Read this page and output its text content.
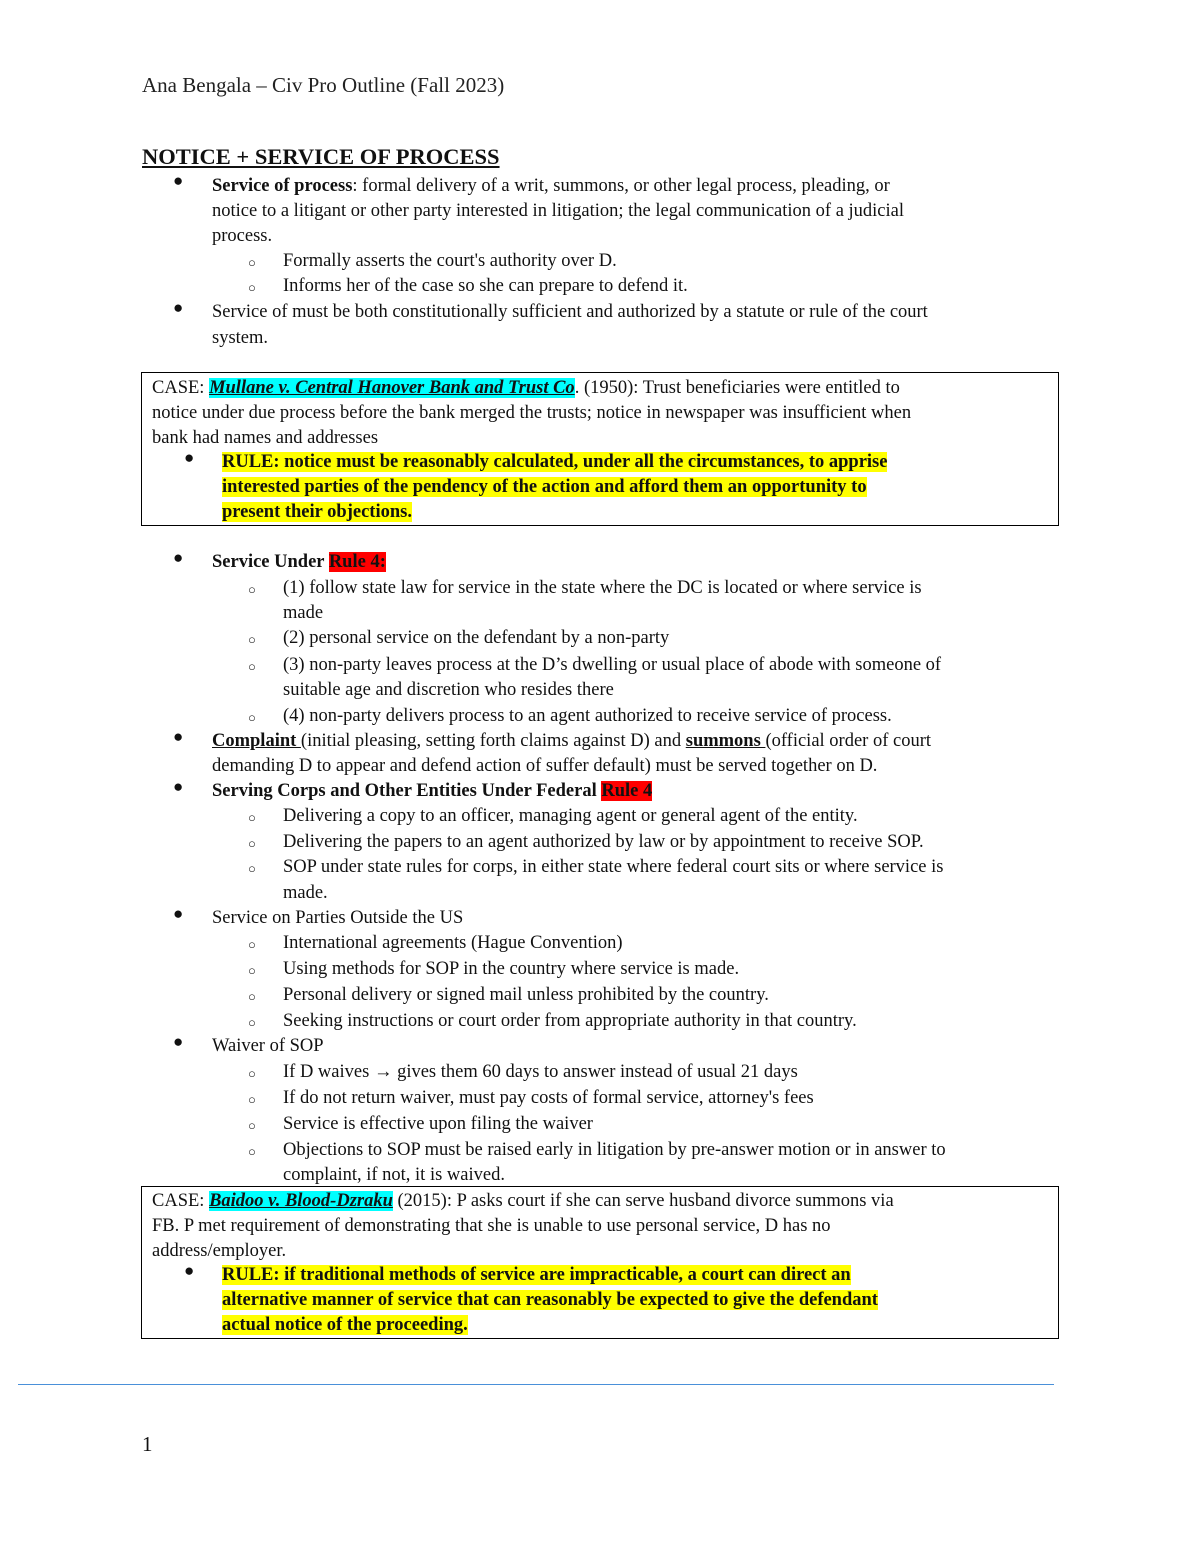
Ana Bengala – Civ Pro Outline (Fall 2023)
NOTICE + SERVICE OF PROCESS
● Service of process: formal delivery of a writ, summons, or other legal process, pleading, or
notice to a litigant or other party interested in litigation; the legal communication of a judicial
process.
○ Formally asserts the court's authority over D.
○ Informs her of the case so she can prepare to defend it.
● Service of must be both constitutionally sufficient and authorized by a statute or rule of the court
system.
CASE: Mullane v. Central Hanover Bank and Trust Co. (1950): Trust beneficiaries were entitled to
notice under due process before the bank merged the trusts; notice in newspaper was insufficient when
bank had names and addresses
● RULE: notice must be reasonably calculated, under all the circumstances, to apprise
interested parties of the pendency of the action and afford them an opportunity to
present their objections.
● Service Under Rule 4:
○ (1) follow state law for service in the state where the DC is located or where service is
made
○ (2) personal service on the defendant by a non-party
○ (3) non-party leaves process at the D’s dwelling or usual place of abode with someone of
suitable age and discretion who resides there
○ (4) non-party delivers process to an agent authorized to receive service of process.
● Complaint (initial pleasing, setting forth claims against D) and summons (official order of court
demanding D to appear and defend action of suffer default) must be served together on D.
● Serving Corps and Other Entities Under Federal Rule 4
○ Delivering a copy to an officer, managing agent or general agent of the entity.
○ Delivering the papers to an agent authorized by law or by appointment to receive SOP.
○ SOP under state rules for corps, in either state where federal court sits or where service is
made.
● Service on Parties Outside the US
○ International agreements (Hague Convention)
○ Using methods for SOP in the country where service is made.
○ Personal delivery or signed mail unless prohibited by the country.
○ Seeking instructions or court order from appropriate authority in that country.
● Waiver of SOP
○ If D waives → gives them 60 days to answer instead of usual 21 days
○ If do not return waiver, must pay costs of formal service, attorney's fees
○ Service is effective upon filing the waiver
○ Objections to SOP must be raised early in litigation by pre-answer motion or in answer to
complaint, if not, it is waived.
CASE: Baidoo v. Blood-Dzraku (2015): P asks court if she can serve husband divorce summons via
FB. P met requirement of demonstrating that she is unable to use personal service, D has no
address/employer.
● RULE: if traditional methods of service are impracticable, a court can direct an
alternative manner of service that can reasonably be expected to give the defendant
actual notice of the proceeding.
1
